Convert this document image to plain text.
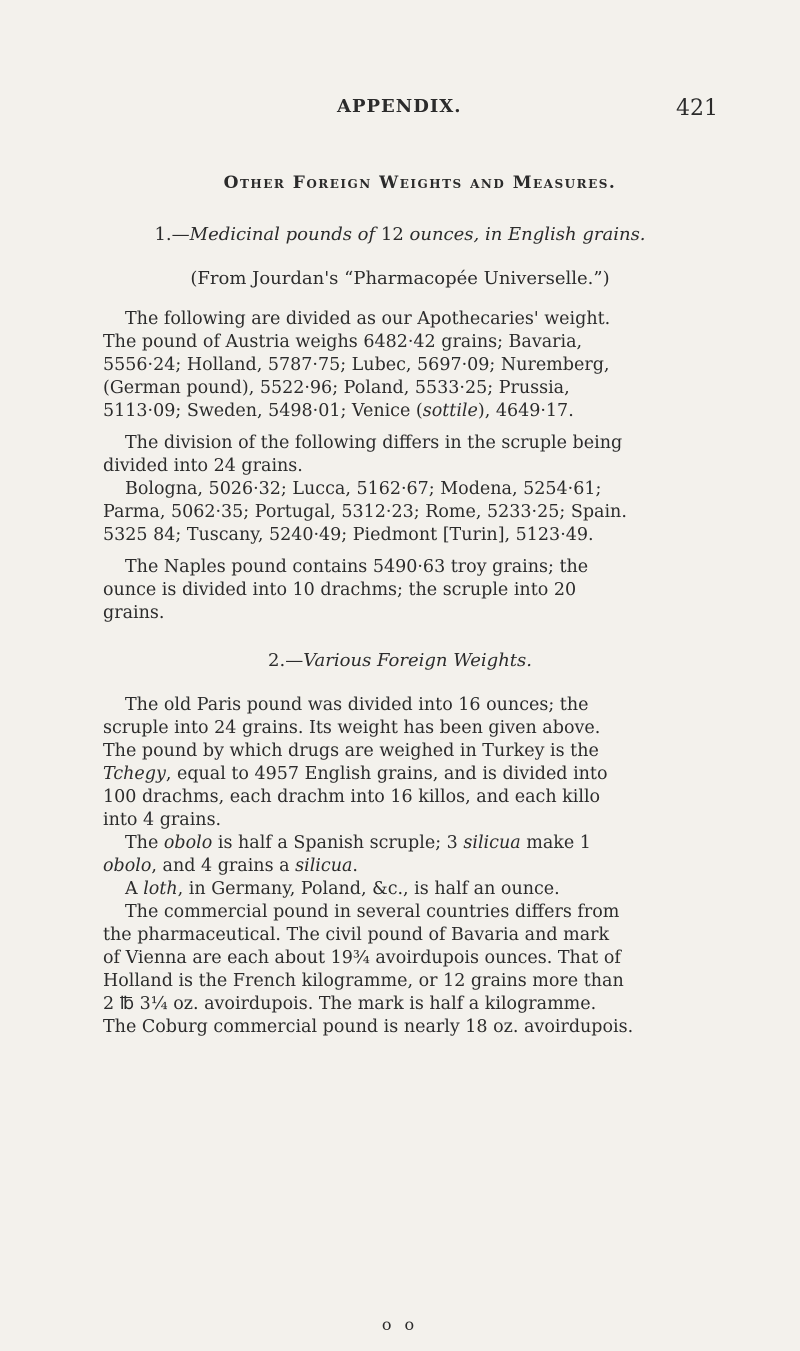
APPENDIX.	421
Other Foreign Weights and Measures.
1.—Medicinal pounds of 12 ounces, in English grains.
(From Jourdan's “Pharmacopée Universelle.”)
The following are divided as our Apothecaries' weight.
The pound of Austria weighs 6482·42 grains; Bavaria,
5556·24; Holland, 5787·75; Lubec, 5697·09; Nuremberg,
(German pound), 5522·96; Poland, 5533·25; Prussia,
5113·09; Sweden, 5498·01; Venice (sottile), 4649·17.
The division of the following differs in the scruple being
divided into 24 grains.
Bologna, 5026·32; Lucca, 5162·67; Modena, 5254·61;
Parma, 5062·35; Portugal, 5312·23; Rome, 5233·25; Spain.
5325 84; Tuscany, 5240·49; Piedmont [Turin], 5123·49.
The Naples pound contains 5490·63 troy grains; the
ounce is divided into 10 drachms; the scruple into 20
grains.
2.—Various Foreign Weights.
The old Paris pound was divided into 16 ounces; the
scruple into 24 grains. Its weight has been given above.
The pound by which drugs are weighed in Turkey is the
Tchegy, equal to 4957 English grains, and is divided into
100 drachms, each drachm into 16 killos, and each killo
into 4 grains.
The obolo is half a Spanish scruple; 3 silicua make 1
obolo, and 4 grains a silicua.
A loth, in Germany, Poland, &c., is half an ounce.
The commercial pound in several countries differs from
the pharmaceutical. The civil pound of Bavaria and mark
of Vienna are each about 19¾ avoirdupois ounces. That of
Holland is the French kilogramme, or 12 grains more than
2 ℔ 3¼ oz. avoirdupois. The mark is half a kilogramme.
The Coburg commercial pound is nearly 18 oz. avoirdupois.
o o
